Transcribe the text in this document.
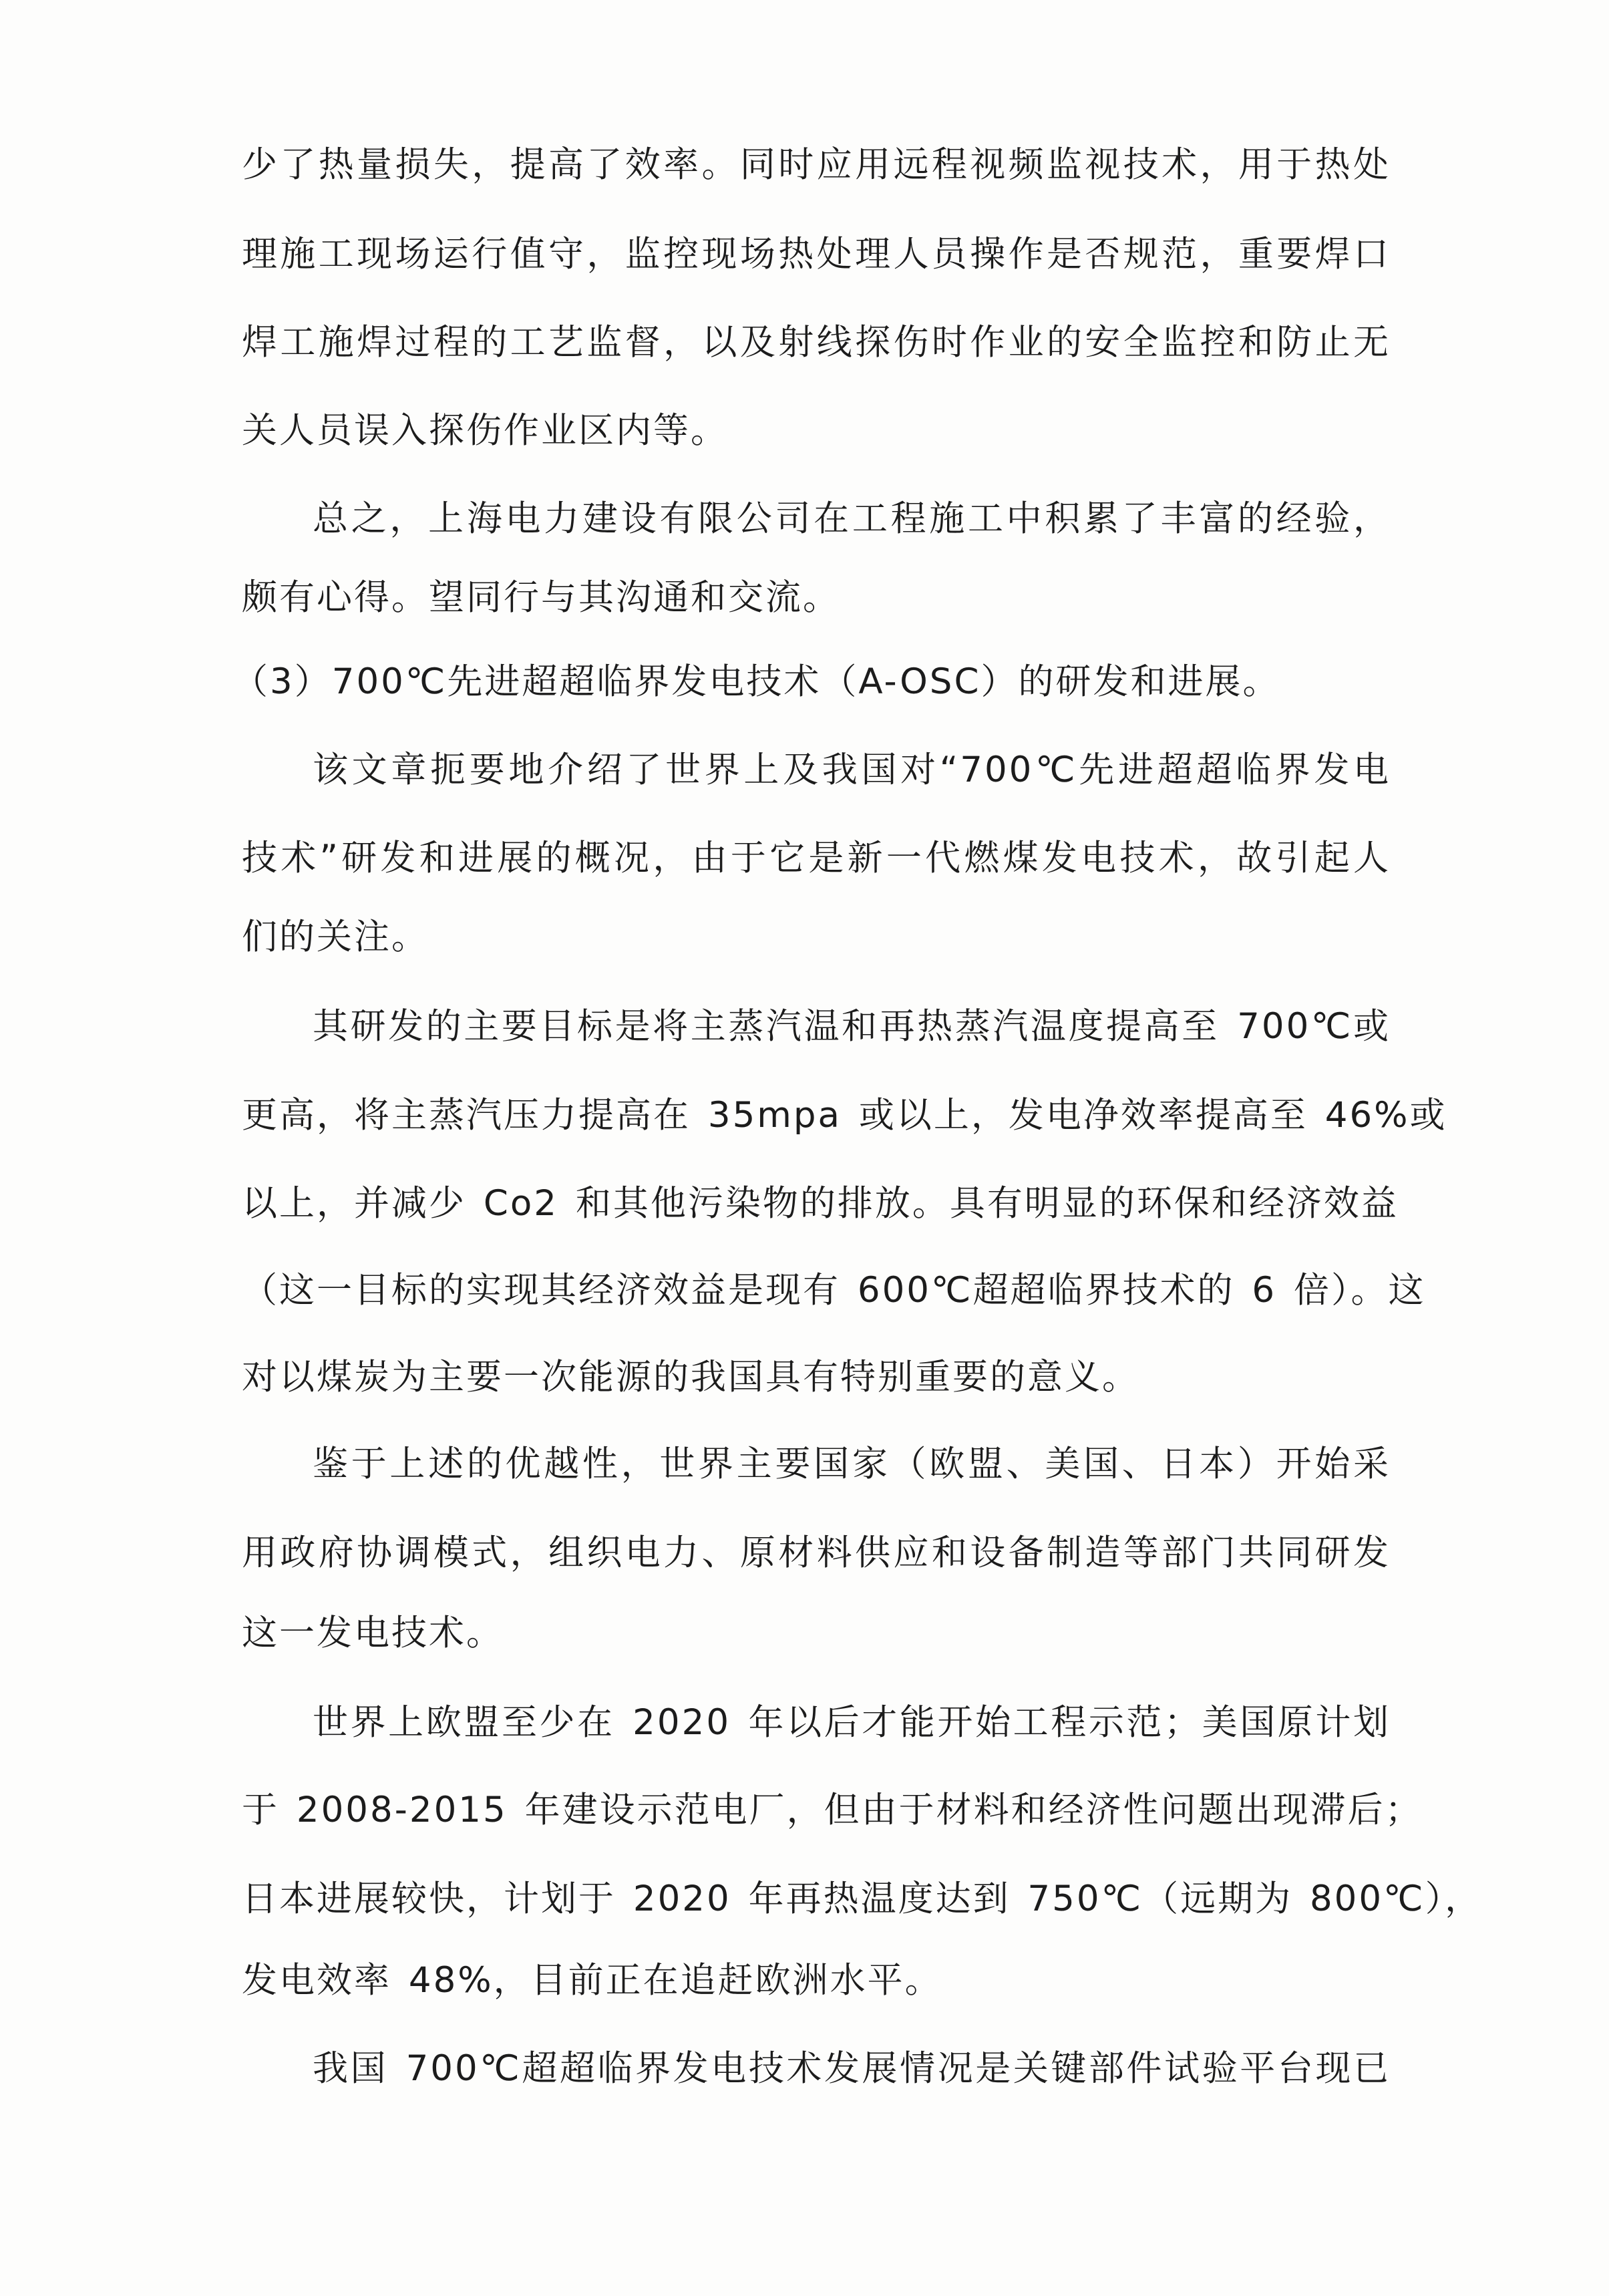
少了热量损失，提高了效率。同时应用远程视频监视技术，用于热处
理施工现场运行值守，监控现场热处理人员操作是否规范，重要焊口
焊工施焊过程的工艺监督，以及射线探伤时作业的安全监控和防止无
关人员误入探伤作业区内等。
总之，上海电力建设有限公司在工程施工中积累了丰富的经验，
颇有心得。望同行与其沟通和交流。
（3）700℃先进超超临界发电技术（A-OSC）的研发和进展。
该文章扼要地介绍了世界上及我国对“700℃先进超超临界发电
技术”研发和进展的概况，由于它是新一代燃煤发电技术，故引起人
们的关注。
其研发的主要目标是将主蒸汽温和再热蒸汽温度提高至 700℃或
更高，将主蒸汽压力提高在 35mpa 或以上，发电净效率提高至 46%或
以上，并减少 Co2 和其他污染物的排放。具有明显的环保和经济效益
（这一目标的实现其经济效益是现有 600℃超超临界技术的 6 倍）。这
对以煤炭为主要一次能源的我国具有特别重要的意义。
鉴于上述的优越性，世界主要国家（欧盟、美国、日本）开始采
用政府协调模式，组织电力、原材料供应和设备制造等部门共同研发
这一发电技术。
世界上欧盟至少在 2020 年以后才能开始工程示范；美国原计划
于 2008-2015 年建设示范电厂，但由于材料和经济性问题出现滞后；
日本进展较快，计划于 2020 年再热温度达到 750℃（远期为 800℃），
发电效率 48%，目前正在追赶欧洲水平。
我国 700℃超超临界发电技术发展情况是关键部件试验平台现已
